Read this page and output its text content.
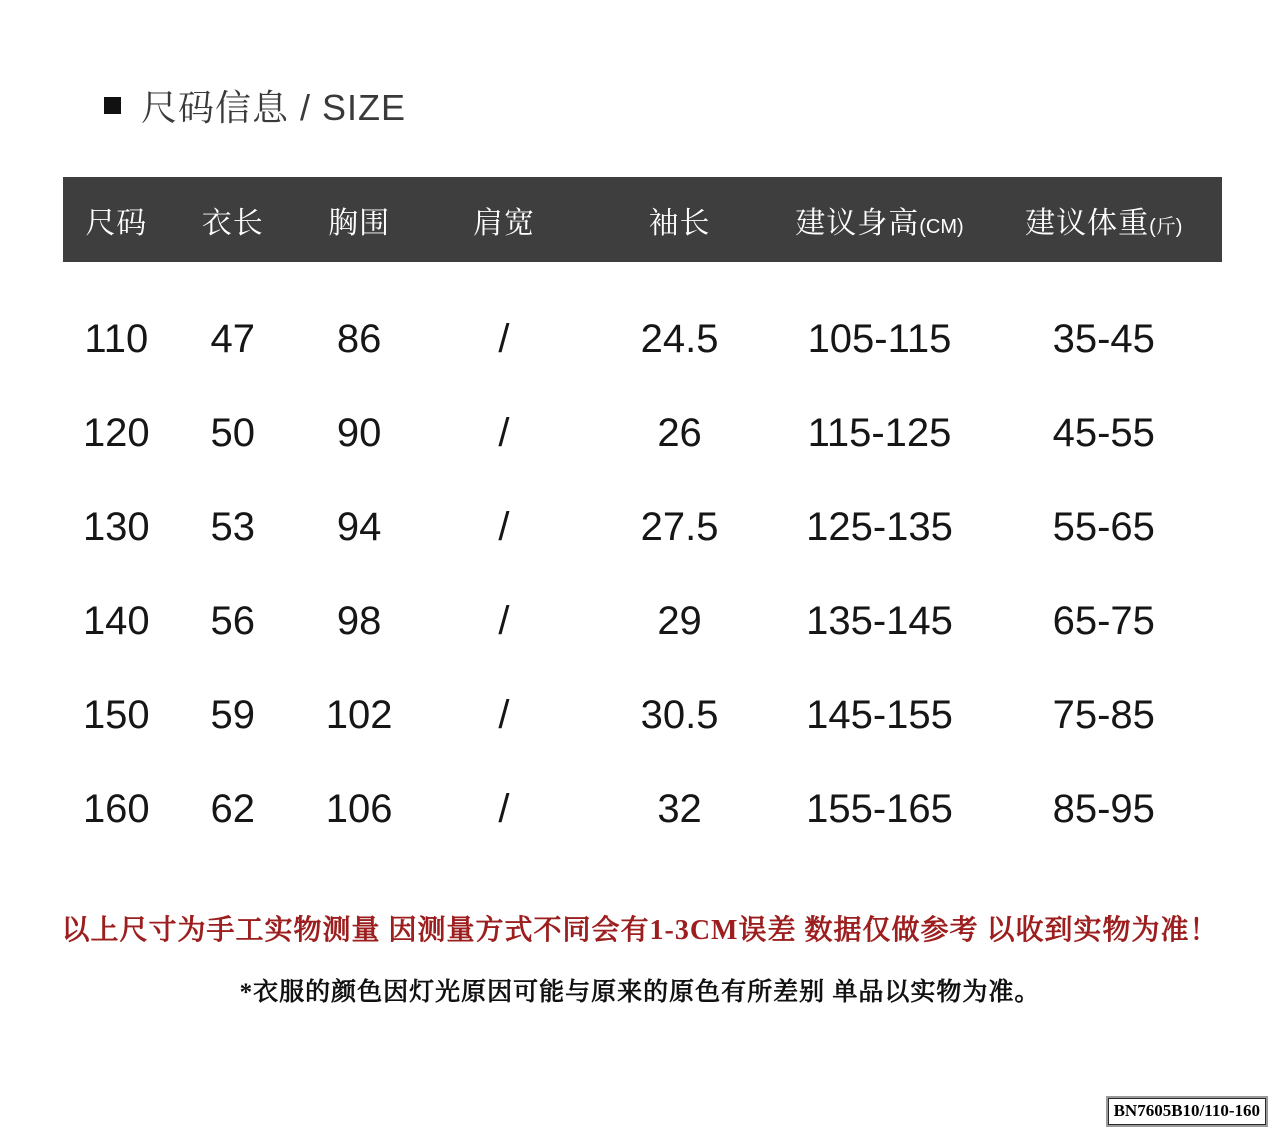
尺码信息 / SIZE
尺码	衣长	胸围	肩宽	袖长	建议身高(CM)	建议体重(斤)
110	47	86	/	24.5	105-115	35-45
120	50	90	/	26	115-125	45-55
130	53	94	/	27.5	125-135	55-65
140	56	98	/	29	135-145	65-75
150	59	102	/	30.5	145-155	75-85
160	62	106	/	32	155-165	85-95
以上尺寸为手工实物测量 因测量方式不同会有1-3CM误差 数据仅做参考 以收到实物为准！
*衣服的颜色因灯光原因可能与原来的原色有所差别 单品以实物为准。
BN7605B10/110-160
